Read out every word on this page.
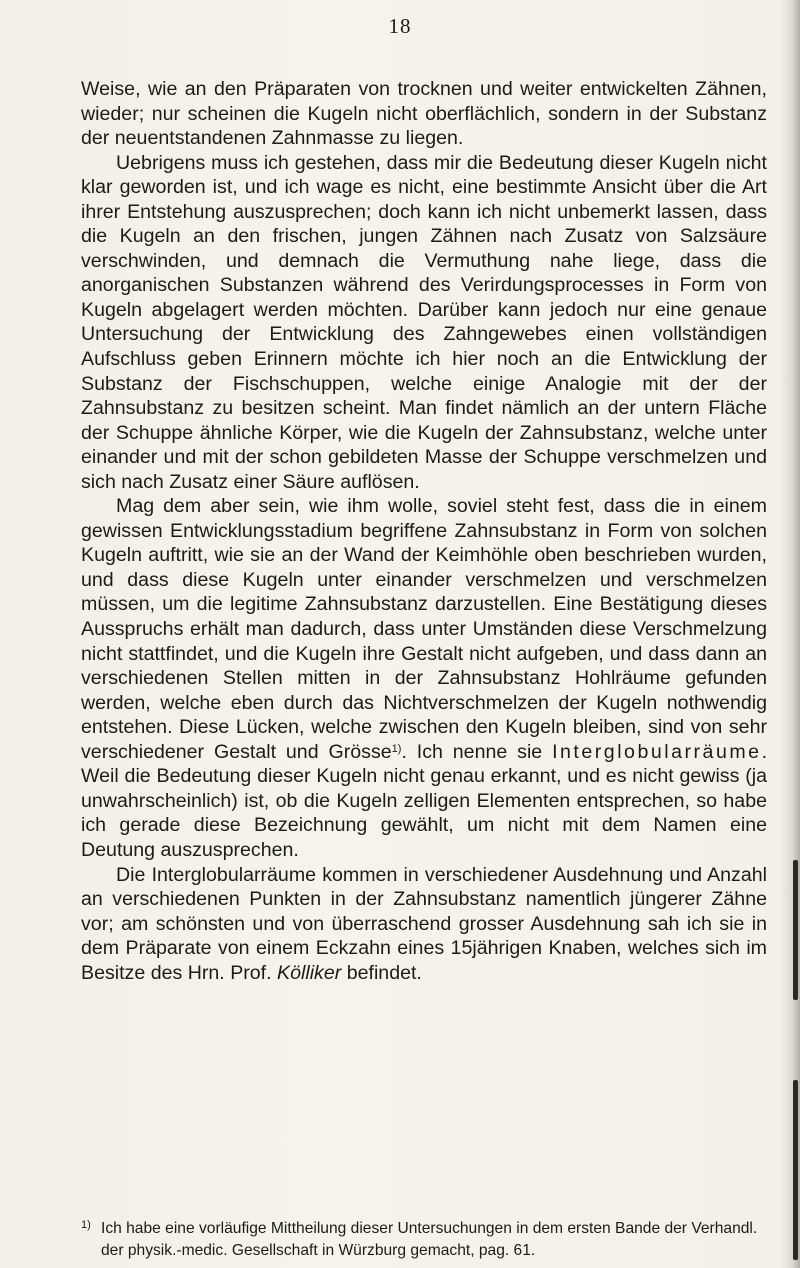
18

Weise, wie an den Präparaten von trocknen und weiter entwickelten Zähnen, wieder; nur scheinen die Kugeln nicht oberflächlich, sondern in der Substanz der neuentstandenen Zahnmasse zu liegen.

Uebrigens muss ich gestehen, dass mir die Bedeutung dieser Kugeln nicht klar geworden ist, und ich wage es nicht, eine bestimmte Ansicht über die Art ihrer Entstehung auszusprechen; doch kann ich nicht unbemerkt lassen, dass die Kugeln an den frischen, jungen Zähnen nach Zusatz von Salzsäure verschwinden, und demnach die Vermuthung nahe liege, dass die anorganischen Substanzen während des Verirdungsprocesses in Form von Kugeln abgelagert werden möchten. Darüber kann jedoch nur eine genaue Untersuchung der Entwicklung des Zahngewebes einen vollständigen Aufschluss geben Erinnern möchte ich hier noch an die Entwicklung der Substanz der Fischschuppen, welche einige Analogie mit der der Zahnsubstanz zu besitzen scheint. Man findet nämlich an der untern Fläche der Schuppe ähnliche Körper, wie die Kugeln der Zahnsubstanz, welche unter einander und mit der schon gebildeten Masse der Schuppe verschmelzen und sich nach Zusatz einer Säure auflösen.

Mag dem aber sein, wie ihm wolle, soviel steht fest, dass die in einem gewissen Entwicklungsstadium begriffene Zahnsubstanz in Form von solchen Kugeln auftritt, wie sie an der Wand der Keimhöhle oben beschrieben wurden, und dass diese Kugeln unter einander verschmelzen und verschmelzen müssen, um die legitime Zahnsubstanz darzustellen. Eine Bestätigung dieses Ausspruchs erhält man dadurch, dass unter Umständen diese Verschmelzung nicht stattfindet, und die Kugeln ihre Gestalt nicht aufgeben, und dass dann an verschiedenen Stellen mitten in der Zahnsubstanz Hohlräume gefunden werden, welche eben durch das Nichtverschmelzen der Kugeln nothwendig entstehen. Diese Lücken, welche zwischen den Kugeln bleiben, sind von sehr verschiedener Gestalt und Grösse$^{1)}$. Ich nenne sie Interglobularräume. Weil die Bedeutung dieser Kugeln nicht genau erkannt, und es nicht gewiss (ja unwahrscheinlich) ist, ob die Kugeln zelligen Elementen entsprechen, so habe ich gerade diese Bezeichnung gewählt, um nicht mit dem Namen eine Deutung auszusprechen.

Die Interglobularräume kommen in verschiedener Ausdehnung und Anzahl an verschiedenen Punkten in der Zahnsubstanz namentlich jüngerer Zähne vor; am schönsten und von überraschend grosser Ausdehnung sah ich sie in dem Präparate von einem Eckzahn eines 15jährigen Knaben, welches sich im Besitze des Hrn. Prof. Kölliker befindet.

1) Ich habe eine vorläufige Mittheilung dieser Untersuchungen in dem ersten Bande der Verhandl. der physik.-medic. Gesellschaft in Würzburg gemacht, pag. 61.
